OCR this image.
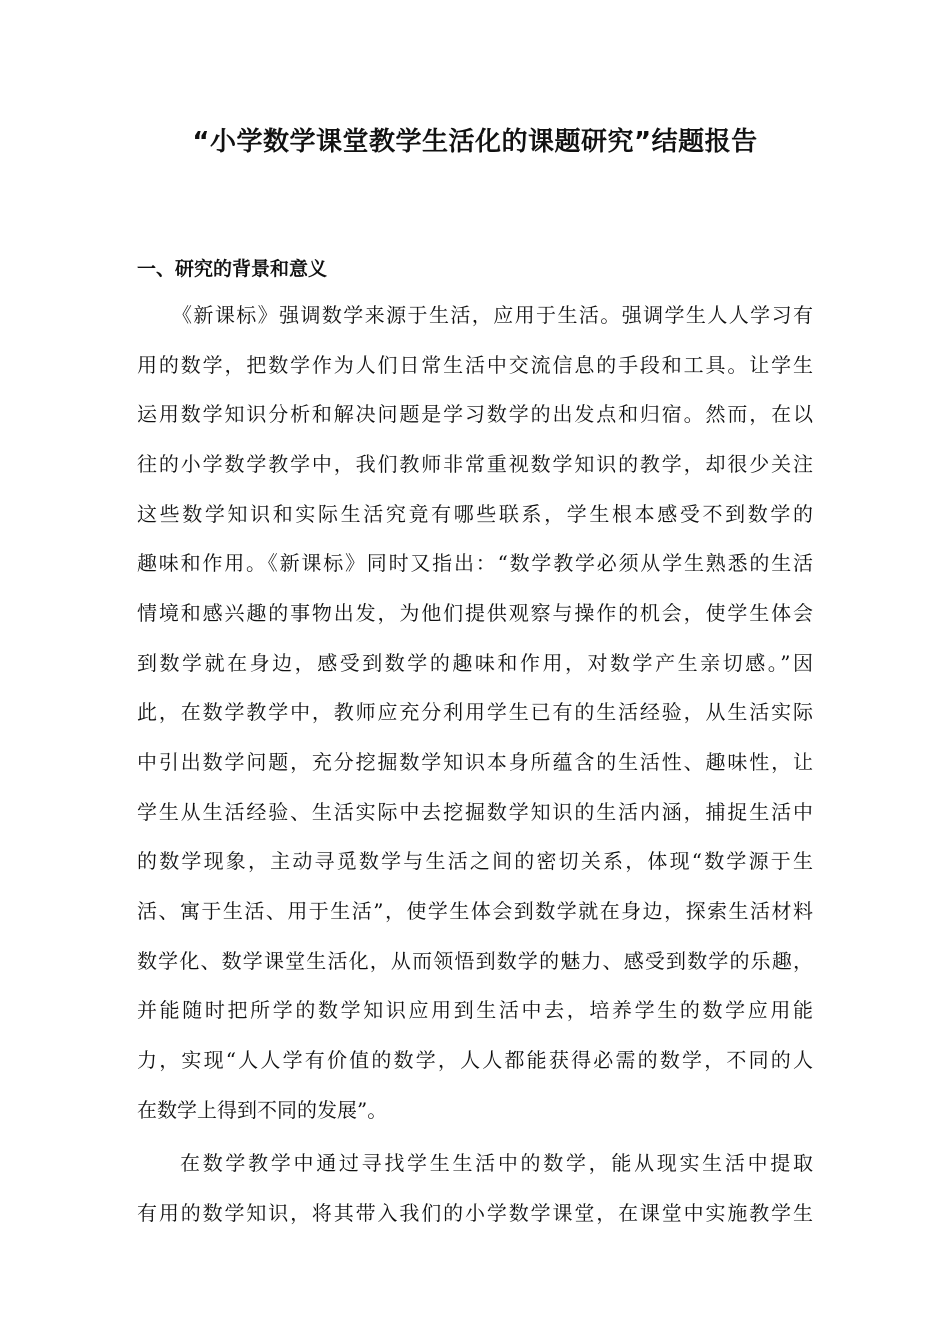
“小学数学课堂教学生活化的课题研究”结题报告
一、研究的背景和意义
《新课标》强调数学来源于生活，应用于生活。强调学生人人学习有
用的数学，把数学作为人们日常生活中交流信息的手段和工具。让学生
运用数学知识分析和解决问题是学习数学的出发点和归宿。然而，在以
往的小学数学教学中，我们教师非常重视数学知识的教学，却很少关注
这些数学知识和实际生活究竟有哪些联系，学生根本感受不到数学的
趣味和作用。《新课标》同时又指出：“数学教学必须从学生熟悉的生活
情境和感兴趣的事物出发，为他们提供观察与操作的机会，使学生体会
到数学就在身边，感受到数学的趣味和作用，对数学产生亲切感。”因
此，在数学教学中，教师应充分利用学生已有的生活经验，从生活实际
中引出数学问题，充分挖掘数学知识本身所蕴含的生活性、趣味性，让
学生从生活经验、生活实际中去挖掘数学知识的生活内涵，捕捉生活中
的数学现象，主动寻觅数学与生活之间的密切关系，体现“数学源于生
活、寓于生活、用于生活”，使学生体会到数学就在身边，探索生活材料
数学化、数学课堂生活化，从而领悟到数学的魅力、感受到数学的乐趣，
并能随时把所学的数学知识应用到生活中去，培养学生的数学应用能
力，实现“人人学有价值的数学，人人都能获得必需的数学，不同的人
在数学上得到不同的发展”。
在数学教学中通过寻找学生生活中的数学，能从现实生活中提取
有用的数学知识，将其带入我们的小学数学课堂，在课堂中实施教学生
